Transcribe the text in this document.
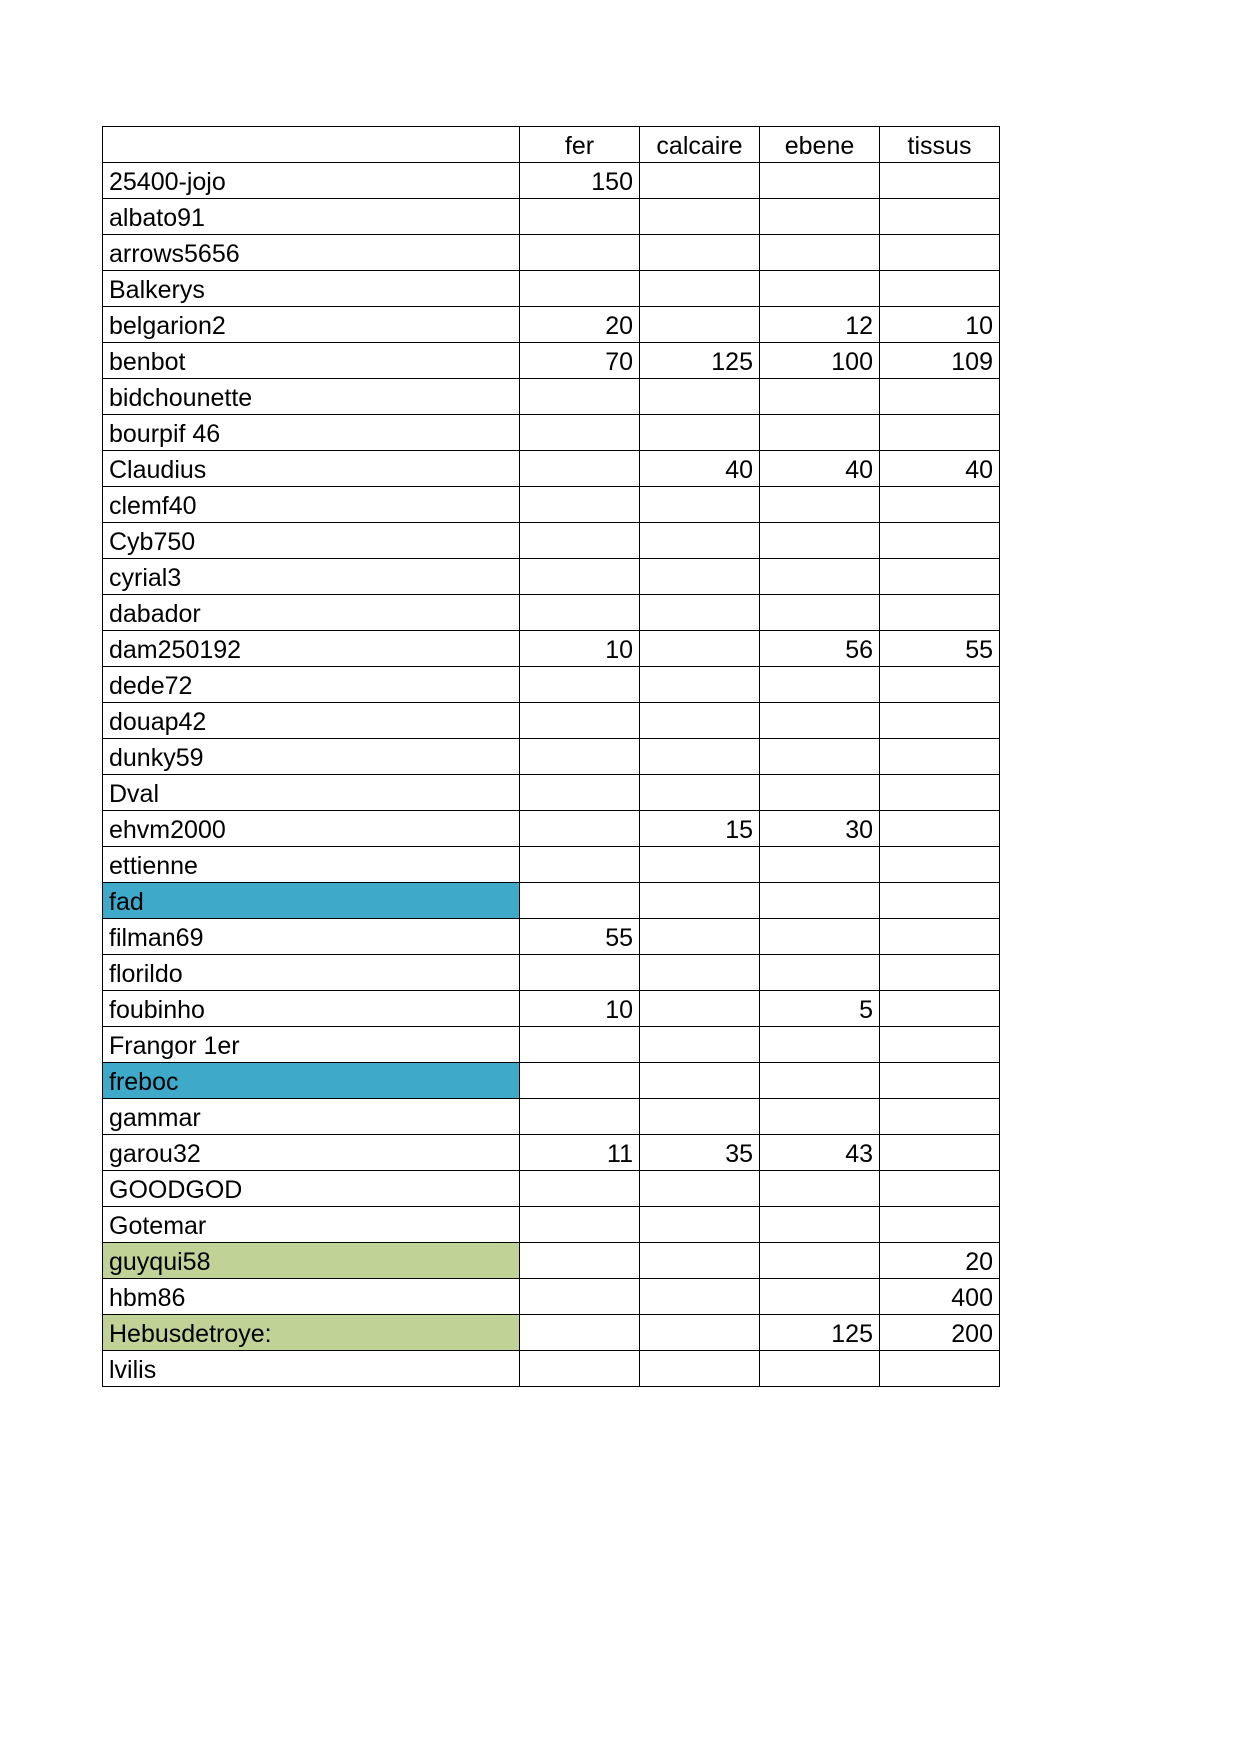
	fer	calcaire	ebene	tissus
25400-jojo	150			
albato91				
arrows5656				
Balkerys				
belgarion2	20		12	10
benbot	70	125	100	109
bidchounette				
bourpif 46				
Claudius		40	40	40
clemf40				
Cyb750				
cyrial3				
dabador				
dam250192	10		56	55
dede72				
douap42				
dunky59				
Dval				
ehvm2000		15	30	
ettienne				
fad				
filman69	55			
florildo				
foubinho	10		5	
Frangor 1er				
freboc				
gammar				
garou32	11	35	43	
GOODGOD				
Gotemar				
guyqui58				20
hbm86				400
Hebusdetroye:			125	200
lvilis				
